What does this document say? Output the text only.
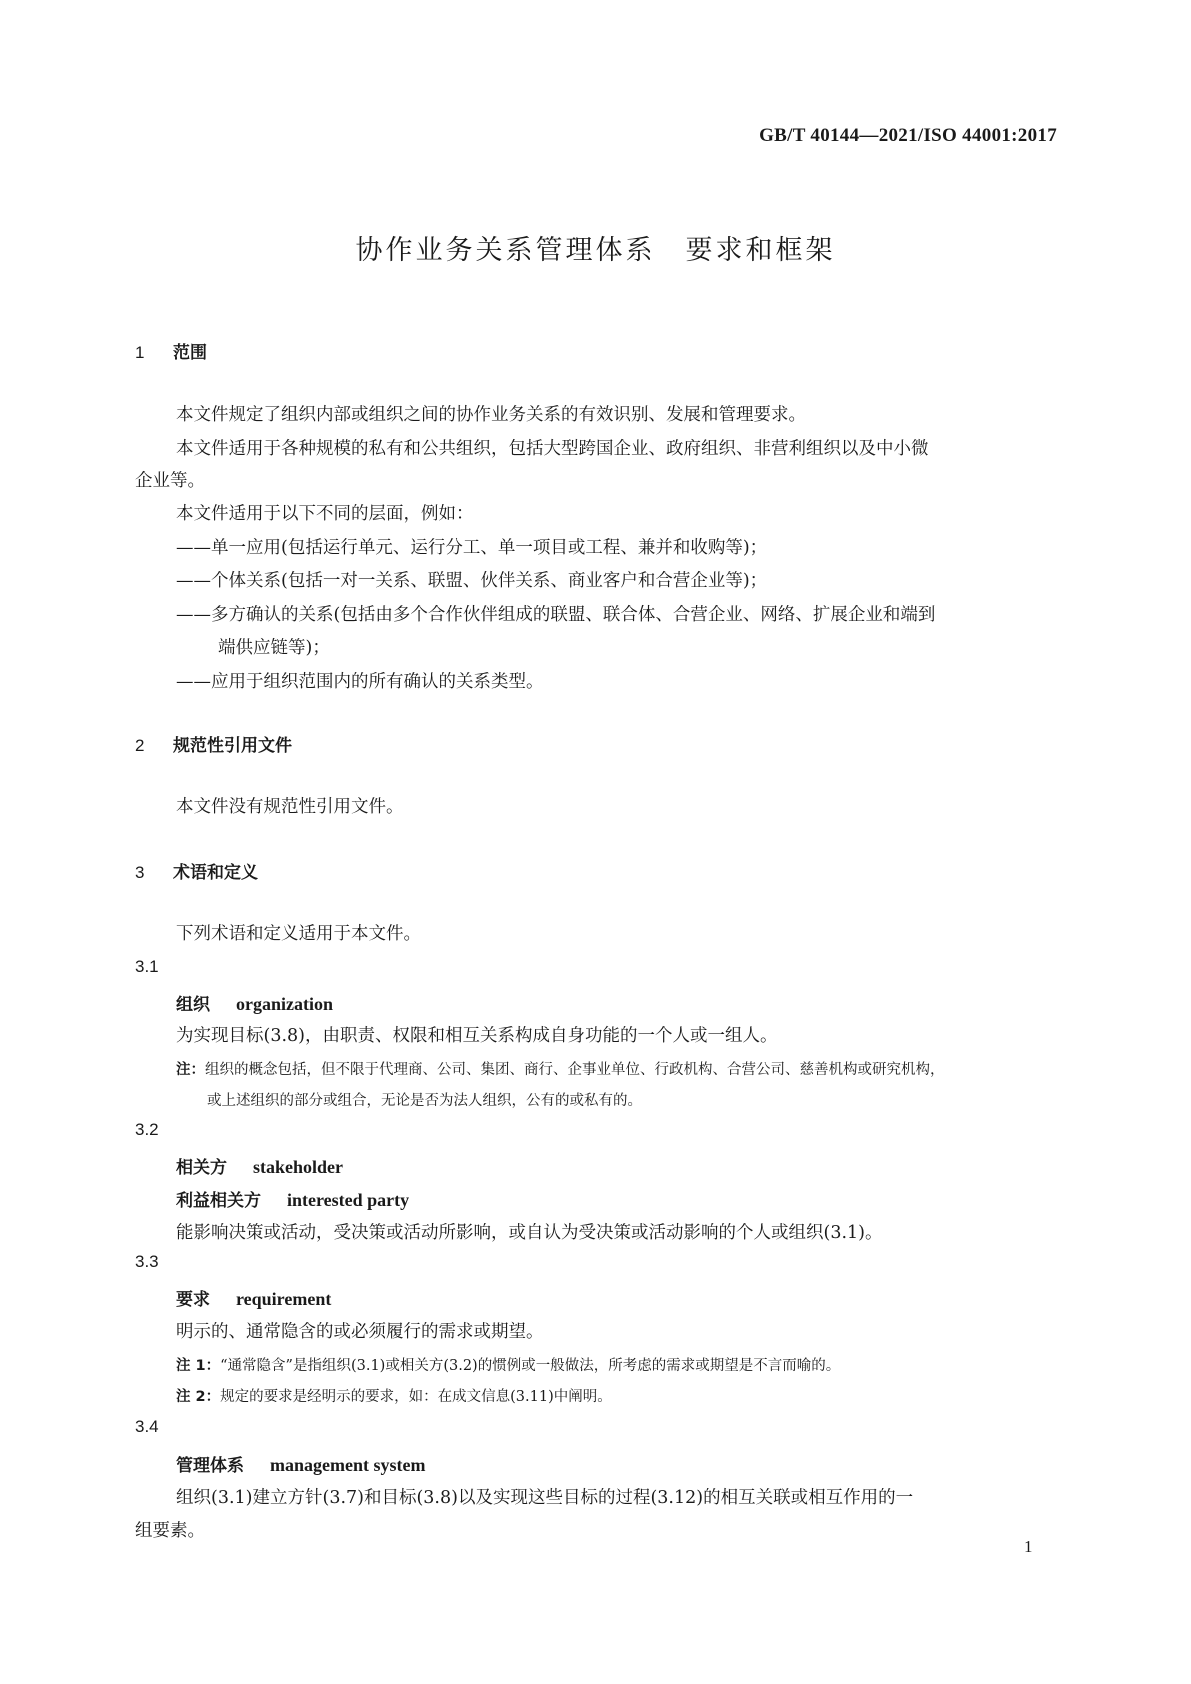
GB/T 40144—2021/ISO 44001:2017
协作业务关系管理体系　要求和框架
1 范围
本文件规定了组织内部或组织之间的协作业务关系的有效识别、发展和管理要求。
本文件适用于各种规模的私有和公共组织，包括大型跨国企业、政府组织、非营利组织以及中小微
企业等。
本文件适用于以下不同的层面，例如：
——单一应用(包括运行单元、运行分工、单一项目或工程、兼并和收购等)；
——个体关系(包括一对一关系、联盟、伙伴关系、商业客户和合营企业等)；
——多方确认的关系(包括由多个合作伙伴组成的联盟、联合体、合营企业、网络、扩展企业和端到
端供应链等)；
——应用于组织范围内的所有确认的关系类型。
2 规范性引用文件
本文件没有规范性引用文件。
3 术语和定义
下列术语和定义适用于本文件。
3.1
组织 organization
为实现目标(3.8)，由职责、权限和相互关系构成自身功能的一个人或一组人。
注：组织的概念包括，但不限于代理商、公司、集团、商行、企事业单位、行政机构、合营公司、慈善机构或研究机构，
或上述组织的部分或组合，无论是否为法人组织，公有的或私有的。
3.2
相关方 stakeholder
利益相关方 interested party
能影响决策或活动，受决策或活动所影响，或自认为受决策或活动影响的个人或组织(3.1)。
3.3
要求 requirement
明示的、通常隐含的或必须履行的需求或期望。
注 1：“通常隐含”是指组织(3.1)或相关方(3.2)的惯例或一般做法，所考虑的需求或期望是不言而喻的。
注 2：规定的要求是经明示的要求，如：在成文信息(3.11)中阐明。
3.4
管理体系 management system
组织(3.1)建立方针(3.7)和目标(3.8)以及实现这些目标的过程(3.12)的相互关联或相互作用的一
组要素。
1
